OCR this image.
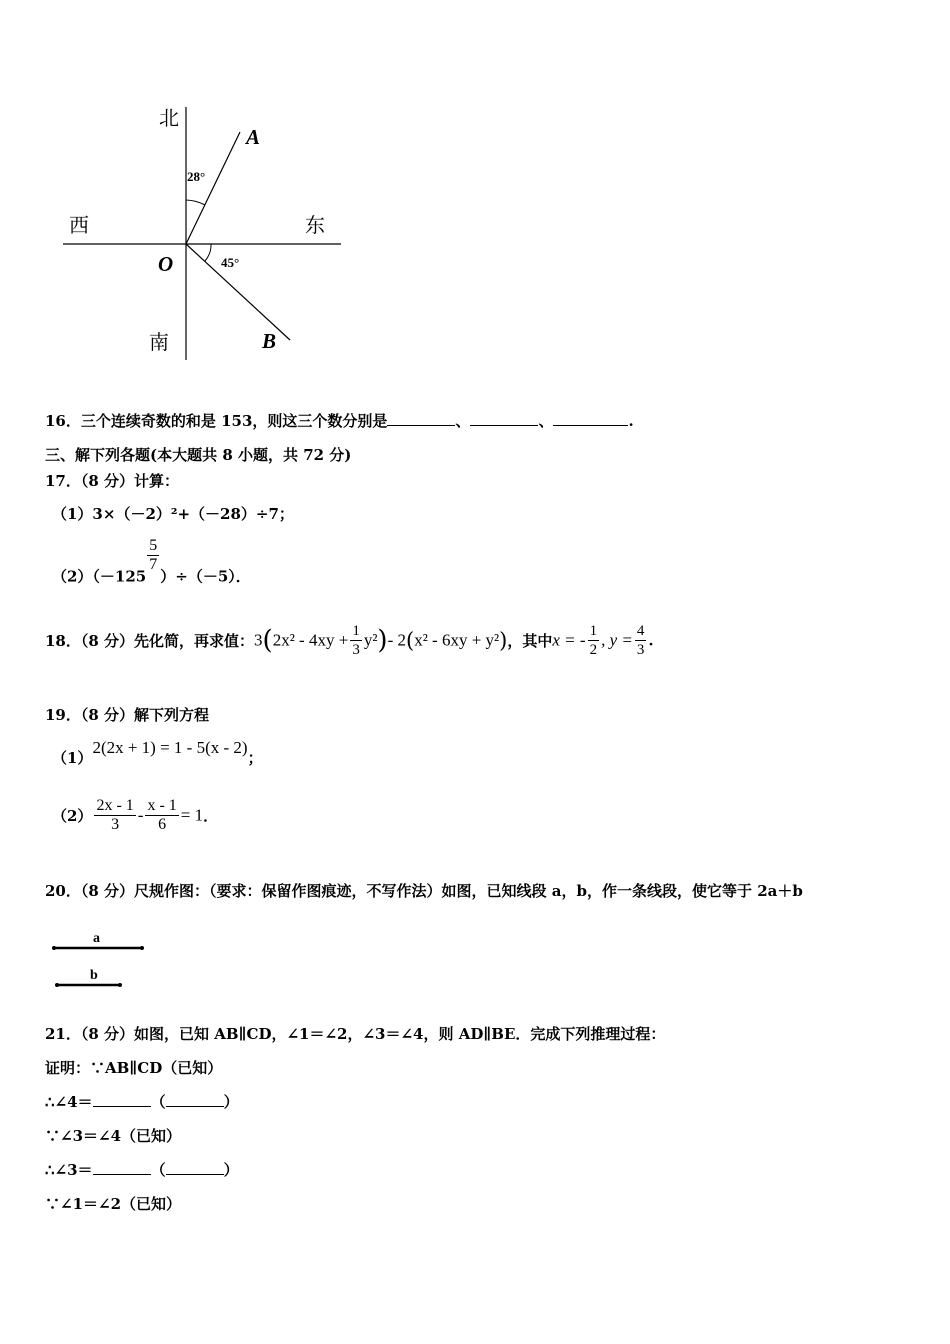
北
西	东
南
O
A
B
28°
45°
16．三个连续奇数的和是 153，则这三个数分别是	、	、	.
三、解下列各题(本大题共 8 小题，共 72 分)
17．（8 分）计算：
（1）3×（－2）²+（－28）÷7；
（2）（－125
$\frac{5}{7}$
）÷（－5）．
18．（8 分）先化简，再求值：$3(2x^2 - 4xy + \frac{1}{3} y^2)-$ 2(x² - 6xy + y²)，其中x = - $\frac{1}{2}$ , $y = \frac{4}{3}$ .
19．（8 分）解下列方程
（1）2(2x + 1) = 1 - 5(x - 2)；
$(2) \frac{2x - 1}{3} - \frac{x - 1}{6} = 1$．
20．（8 分）尺规作图：（要求：保留作图痕迹，不写作法）如图，已知线段 a，b，作一条线段，使它等于 2a＋b
a
b
21．（8 分）如图，已知 AB∥CD，∠1＝∠2，∠3＝∠4，则 AD∥BE．完成下列推理过程：
证明：∵AB∥CD（已知）
∴∠4＝	（	）
∵∠3＝∠4（已知）
∴∠3＝	（	）
∵∠1＝∠2（已知）
